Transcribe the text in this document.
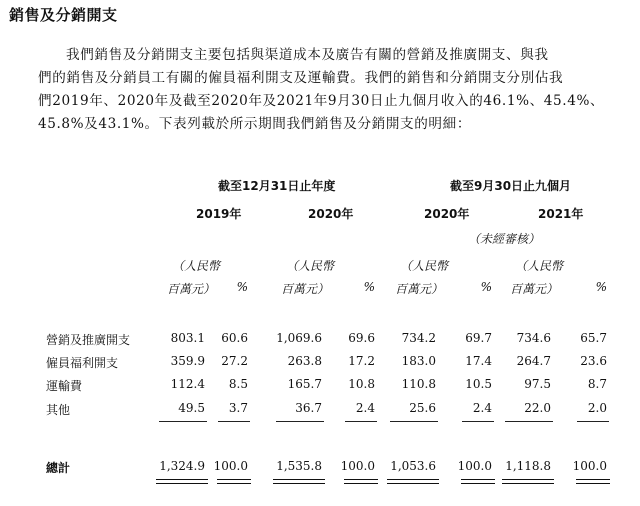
銷售及分銷開支
我們銷售及分銷開支主要包括與渠道成本及廣告有關的營銷及推廣開支、與我
們的銷售及分銷員工有關的僱員福利開支及運輸費。我們的銷售和分銷開支分別佔我
們2019年、2020年及截至2020年及2021年9月30日止九個月收入的46.1%、45.4%、
45.8%及43.1%。下表列載於所示期間我們銷售及分銷開支的明細：
截至12月31日止年度	截至9月30日止九個月
2019年	2020年	2020年	2021年
（未經審核）
（人民幣
百萬元）	%
（人民幣
百萬元）	%
（人民幣
百萬元）	%
（人民幣
百萬元）	%
營銷及推廣開支	803.1	60.6	1,069.6	69.6	734.2	69.7	734.6	65.7
僱員福利開支	359.9	27.2	263.8	17.2	183.0	17.4	264.7	23.6
運輸費	112.4	8.5	165.7	10.8	110.8	10.5	97.5	8.7
其他	49.5	3.7	36.7	2.4	25.6	2.4	22.0	2.0
總計	1,324.9 100.0	1,535.8	100.0	1,053.6	100.0	1,118.8	100.0
